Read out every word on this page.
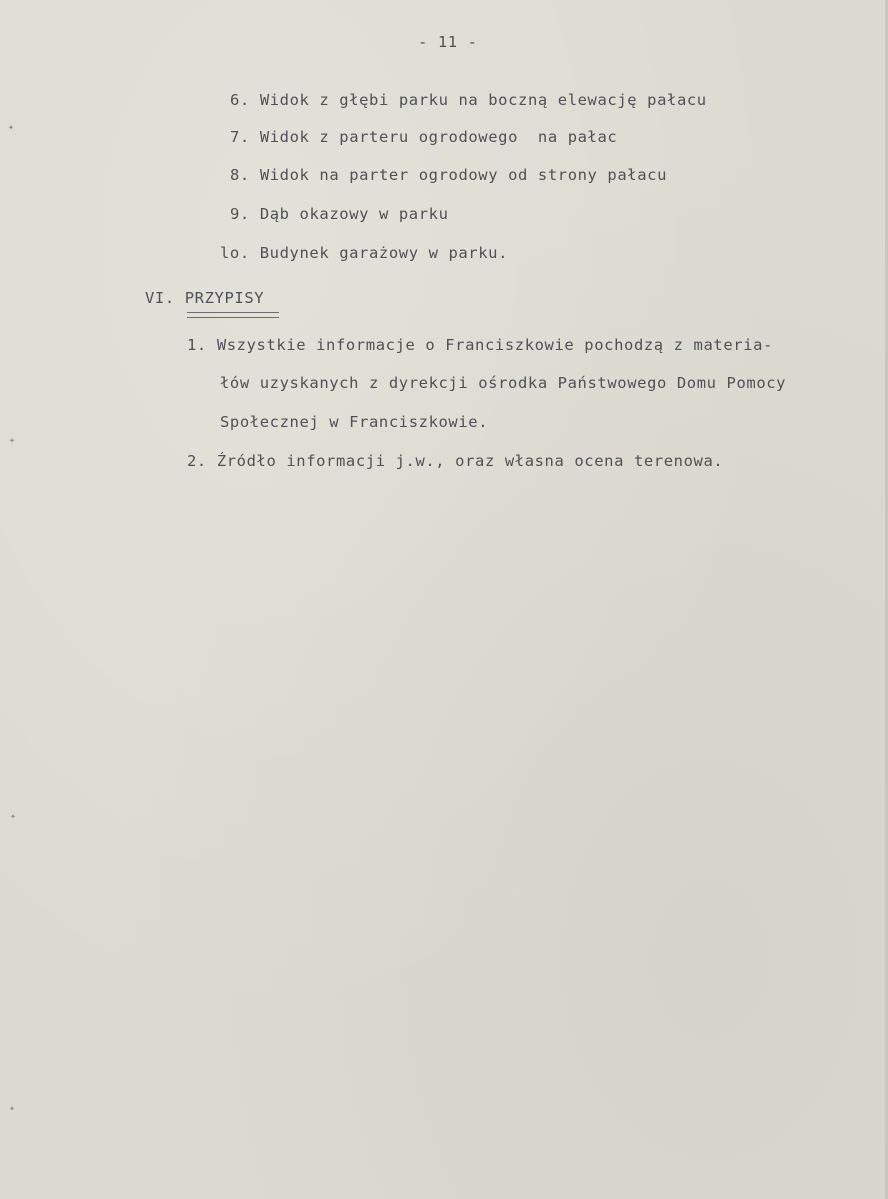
✦
✦
✦
✦
- 11 -
6. Widok z głębi parku na boczną elewację pałacu
7. Widok z parteru ogrodowego  na pałac
8. Widok na parter ogrodowy od strony pałacu
9. Dąb okazowy w parku
lo. Budynek garażowy w parku.
VI. PRZYPISY
1. Wszystkie informacje o Franciszkowie pochodzą z materia-
łów uzyskanych z dyrekcji ośrodka Państwowego Domu Pomocy
Społecznej w Franciszkowie.
2. Źródło informacji j.w., oraz własna ocena terenowa.
